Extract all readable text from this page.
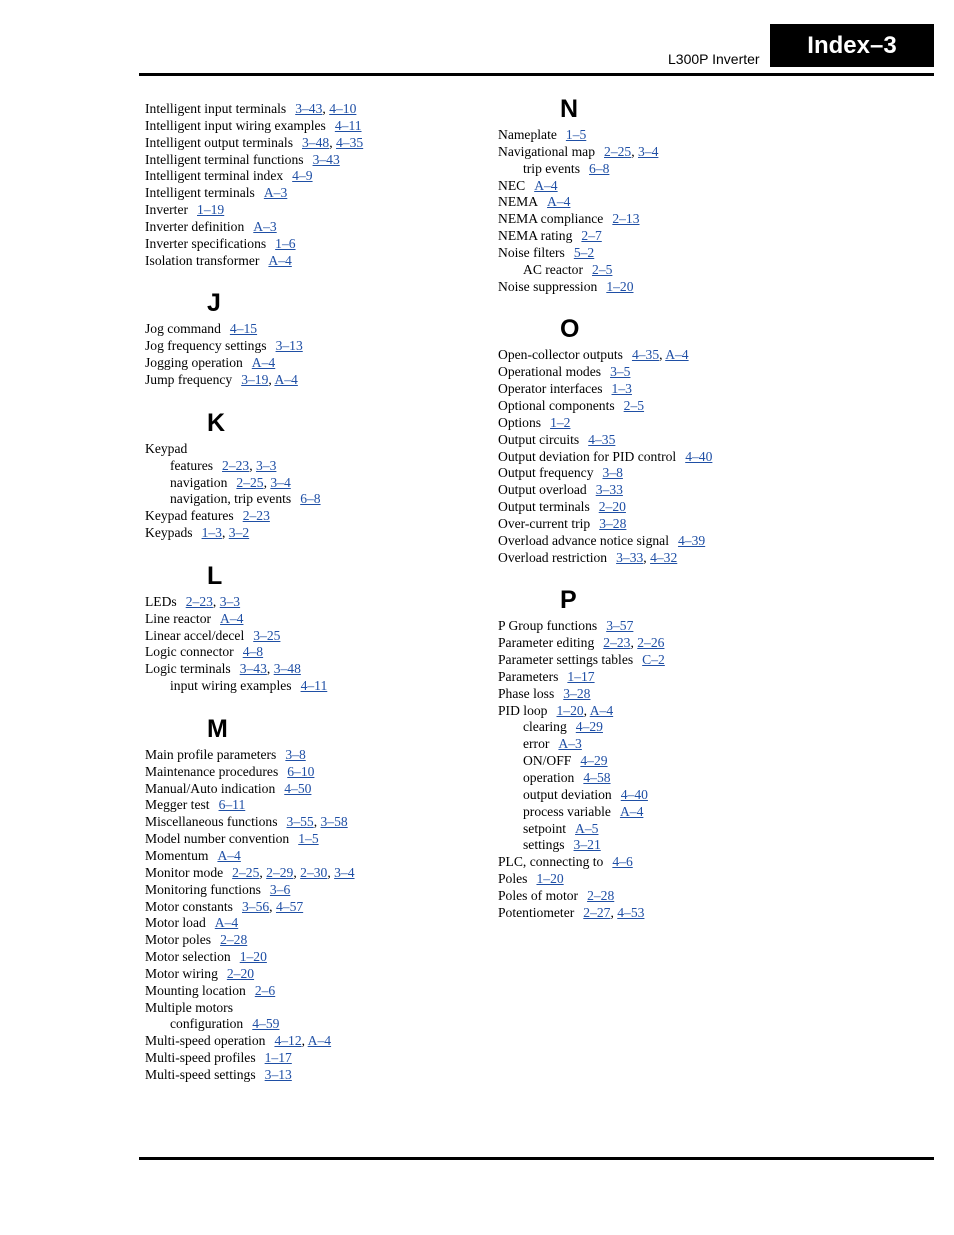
L300P Inverter	Index–3
Intelligent input terminals 3–43, 4–10
Intelligent input wiring examples 4–11
Intelligent output terminals 3–48, 4–35
Intelligent terminal functions 3–43
Intelligent terminal index 4–9
Intelligent terminals A–3
Inverter 1–19
Inverter definition A–3
Inverter specifications 1–6
Isolation transformer A–4
J
Jog command 4–15
Jog frequency settings 3–13
Jogging operation A–4
Jump frequency 3–19, A–4
K
Keypad
features 2–23, 3–3
navigation 2–25, 3–4
navigation, trip events 6–8
Keypad features 2–23
Keypads 1–3, 3–2
L
LEDs 2–23, 3–3
Line reactor A–4
Linear accel/decel 3–25
Logic connector 4–8
Logic terminals 3–43, 3–48
input wiring examples 4–11
M
Main profile parameters 3–8
Maintenance procedures 6–10
Manual/Auto indication 4–50
Megger test 6–11
Miscellaneous functions 3–55, 3–58
Model number convention 1–5
Momentum A–4
Monitor mode 2–25, 2–29, 2–30, 3–4
Monitoring functions 3–6
Motor constants 3–56, 4–57
Motor load A–4
Motor poles 2–28
Motor selection 1–20
Motor wiring 2–20
Mounting location 2–6
Multiple motors
configuration 4–59
Multi-speed operation 4–12, A–4
Multi-speed profiles 1–17
Multi-speed settings 3–13
N
Nameplate 1–5
Navigational map 2–25, 3–4
trip events 6–8
NEC A–4
NEMA A–4
NEMA compliance 2–13
NEMA rating 2–7
Noise filters 5–2
AC reactor 2–5
Noise suppression 1–20
O
Open-collector outputs 4–35, A–4
Operational modes 3–5
Operator interfaces 1–3
Optional components 2–5
Options 1–2
Output circuits 4–35
Output deviation for PID control 4–40
Output frequency 3–8
Output overload 3–33
Output terminals 2–20
Over-current trip 3–28
Overload advance notice signal 4–39
Overload restriction 3–33, 4–32
P
P Group functions 3–57
Parameter editing 2–23, 2–26
Parameter settings tables C–2
Parameters 1–17
Phase loss 3–28
PID loop 1–20, A–4
clearing 4–29
error A–3
ON/OFF 4–29
operation 4–58
output deviation 4–40
process variable A–4
setpoint A–5
settings 3–21
PLC, connecting to 4–6
Poles 1–20
Poles of motor 2–28
Potentiometer 2–27, 4–53
